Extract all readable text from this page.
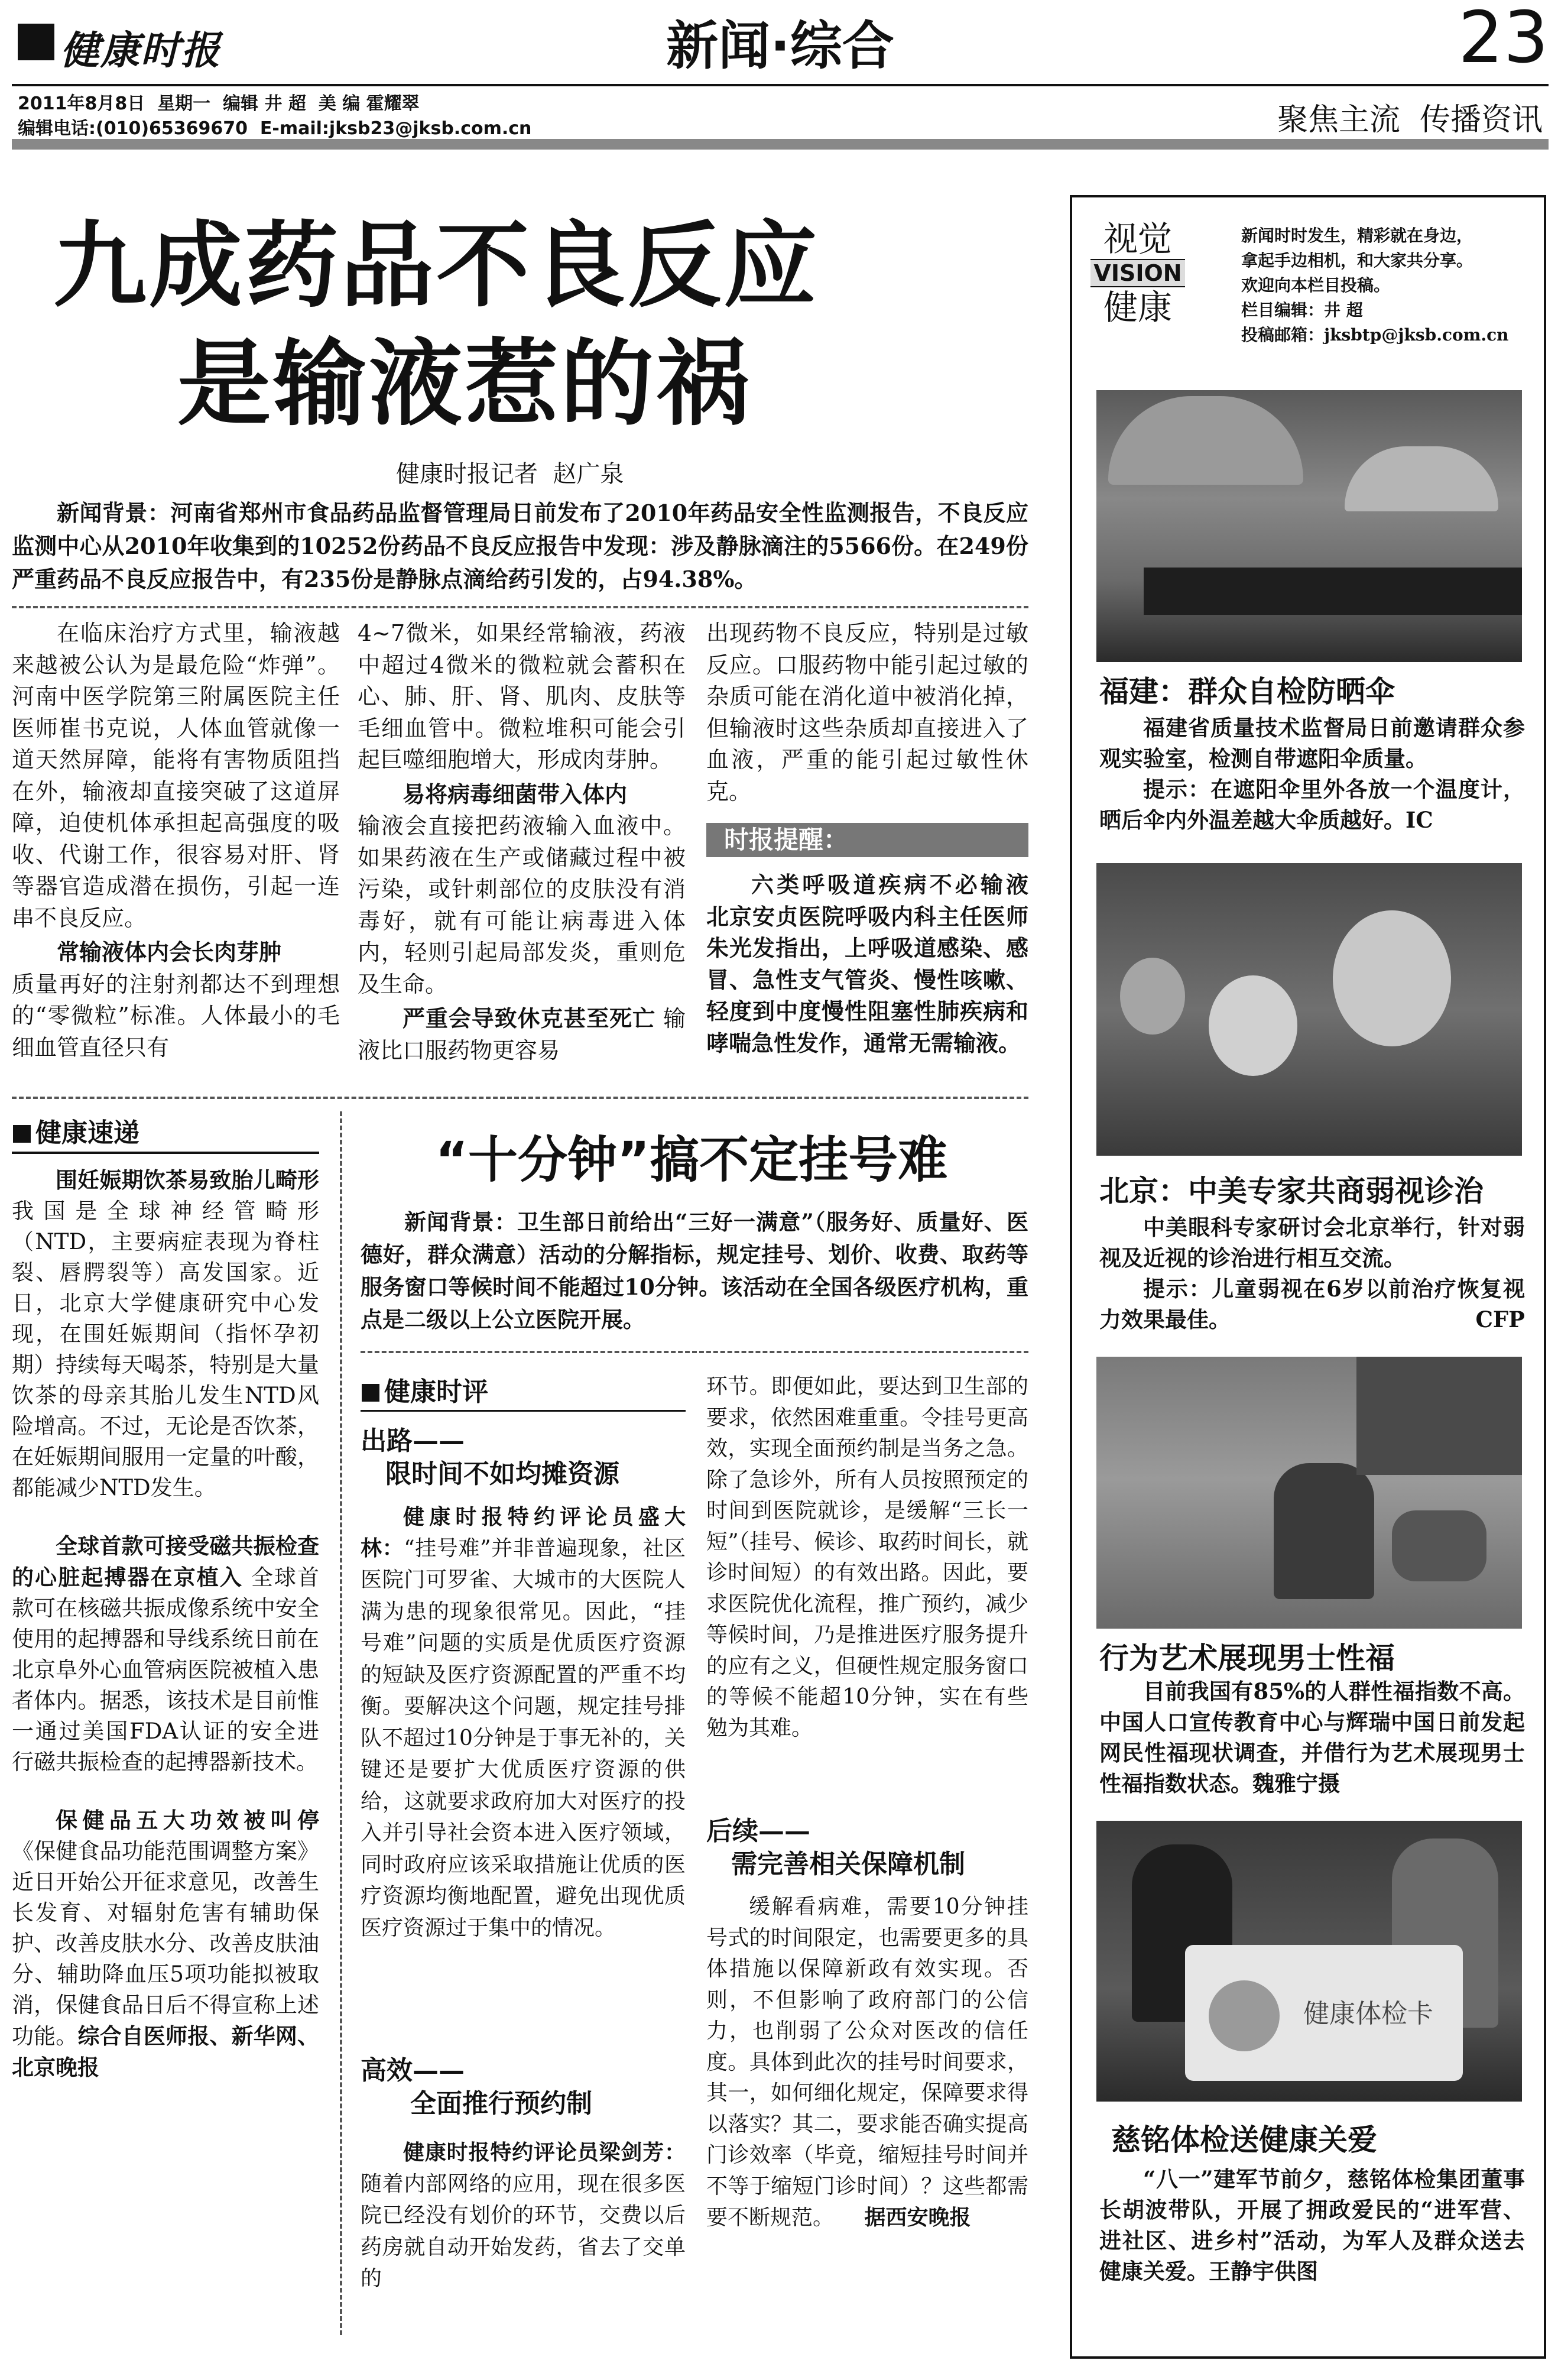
健康时报	新闻·综合	23
2011年8月8日  星期一  编辑 井 超  美 编 霍耀翠
编辑电话:(010)65369670  E-mail:jksb23@jksb.com.cn	聚焦主流  传播资讯
九成药品不良反应
是输液惹的祸
健康时报记者  赵广泉
新闻背景：河南省郑州市食品药品监督管理局日前发布了2010年药品安全性监测报告，不良反应监测中心从2010年收集到的10252份药品不良反应报告中发现：涉及静脉滴注的5566份。在249份严重药品不良反应报告中，有235份是静脉点滴给药引发的，占94.38%。

在临床治疗方式里，输液越来越被公认为是最危险“炸弹”。河南中医学院第三附属医院主任医师崔书克说，人体血管就像一道天然屏障，能将有害物质阻挡在外，输液却直接突破了这道屏障，迫使机体承担起高强度的吸收、代谢工作，很容易对肝、肾等器官造成潜在损伤，引起一连串不良反应。

常输液体内会长肉芽肿
质量再好的注射剂都达不到理想的“零微粒”标准。人体最小的毛细血管直径只有

4~7微米，如果经常输液，药液中超过4微米的微粒就会蓄积在心、肺、肝、肾、肌肉、皮肤等毛细血管中。微粒堆积可能会引起巨噬细胞增大，形成肉芽肿。

易将病毒细菌带入体内
输液会直接把药液输入血液中。如果药液在生产或储藏过程中被污染，或针刺部位的皮肤没有消毒好，就有可能让病毒进入体内，轻则引起局部发炎，重则危及生命。

严重会导致休克甚至死亡 输液比口服药物更容易

出现药物不良反应，特别是过敏反应。口服药物中能引起过敏的杂质可能在消化道中被消化掉，但输液时这些杂质却直接进入了血液，严重的能引起过敏性休克。

时报提醒：

六类呼吸道疾病不必输液 北京安贞医院呼吸内科主任医师朱光发指出，上呼吸道感染、感冒、急性支气管炎、慢性咳嗽、轻度到中度慢性阻塞性肺疾病和哮喘急性发作，通常无需输液。

健康速递

围妊娠期饮茶易致胎儿畸形 我国是全球神经管畸形（NTD，主要病症表现为脊柱裂、唇腭裂等）高发国家。近日，北京大学健康研究中心发现，在围妊娠期间（指怀孕初期）持续每天喝茶，特别是大量饮茶的母亲其胎儿发生NTD风险增高。不过，无论是否饮茶，在妊娠期间服用一定量的叶酸，都能减少NTD发生。

全球首款可接受磁共振检查的心脏起搏器在京植入 全球首款可在核磁共振成像系统中安全使用的起搏器和导线系统日前在北京阜外心血管病医院被植入患者体内。据悉，该技术是目前惟一通过美国FDA认证的安全进行磁共振检查的起搏器新技术。

保健品五大功效被叫停 《保健食品功能范围调整方案》近日开始公开征求意见，改善生长发育、对辐射危害有辅助保护、改善皮肤水分、改善皮肤油分、辅助降血压5项功能拟被取消，保健食品日后不得宣称上述功能。综合自医师报、新华网、北京晚报

“十分钟”搞不定挂号难
新闻背景：卫生部日前给出“三好一满意”（服务好、质量好、医德好，群众满意）活动的分解指标，规定挂号、划价、收费、取药等服务窗口等候时间不能超过10分钟。该活动在全国各级医疗机构，重点是二级以上公立医院开展。
健康时评
出路——
限时间不如均摊资源

健康时报特约评论员盛大林：“挂号难”并非普遍现象，社区医院门可罗雀、大城市的大医院人满为患的现象很常见。因此，“挂号难”问题的实质是优质医疗资源的短缺及医疗资源配置的严重不均衡。要解决这个问题，规定挂号排队不超过10分钟是于事无补的，关键还是要扩大优质医疗资源的供给，这就要求政府加大对医疗的投入并引导社会资本进入医疗领域，同时政府应该采取措施让优质的医疗资源均衡地配置，避免出现优质医疗资源过于集中的情况。

高效——
全面推行预约制

健康时报特约评论员梁剑芳：随着内部网络的应用，现在很多医院已经没有划价的环节，交费以后药房就自动开始发药，省去了交单的

环节。即便如此，要达到卫生部的要求，依然困难重重。令挂号更高效，实现全面预约制是当务之急。除了急诊外，所有人员按照预定的时间到医院就诊，是缓解“三长一短”（挂号、候诊、取药时间长，就诊时间短）的有效出路。因此，要求医院优化流程，推广预约，减少等候时间，乃是推进医疗服务提升的应有之义，但硬性规定服务窗口的等候不能超10分钟，实在有些勉为其难。

后续——
需完善相关保障机制

缓解看病难，需要10分钟挂号式的时间限定，也需要更多的具体措施以保障新政有效实现。否则，不但影响了政府部门的公信力，也削弱了公众对医改的信任度。具体到此次的挂号时间要求，其一，如何细化规定，保障要求得以落实？其二，要求能否确实提高门诊效率（毕竟，缩短挂号时间并不等于缩短门诊时间）？这些都需要不断规范。 据西安晚报

视觉
VISION
健康
新闻时时发生，精彩就在身边，
拿起手边相机，和大家共分享。
欢迎向本栏目投稿。
栏目编辑：井 超
投稿邮箱：jksbtp@jksb.com.cn
福建：群众自检防晒伞

福建省质量技术监督局日前邀请群众参观实验室，检测自带遮阳伞质量。

提示：在遮阳伞里外各放一个温度计，晒后伞内外温差越大伞质越好。IC

北京：中美专家共商弱视诊治

中美眼科专家研讨会北京举行，针对弱视及近视的诊治进行相互交流。

提示：儿童弱视在6岁以前治疗恢复视力效果最佳。	CFP

行为艺术展现男士性福

目前我国有85%的人群性福指数不高。中国人口宣传教育中心与辉瑞中国日前发起网民性福现状调查，并借行为艺术展现男士性福指数状态。魏雅宁摄

健康体检卡
慈铭体检送健康关爱

“八一”建军节前夕，慈铭体检集团董事长胡波带队，开展了拥政爱民的“进军营、进社区、进乡村”活动，为军人及群众送去健康关爱。王静宇供图
